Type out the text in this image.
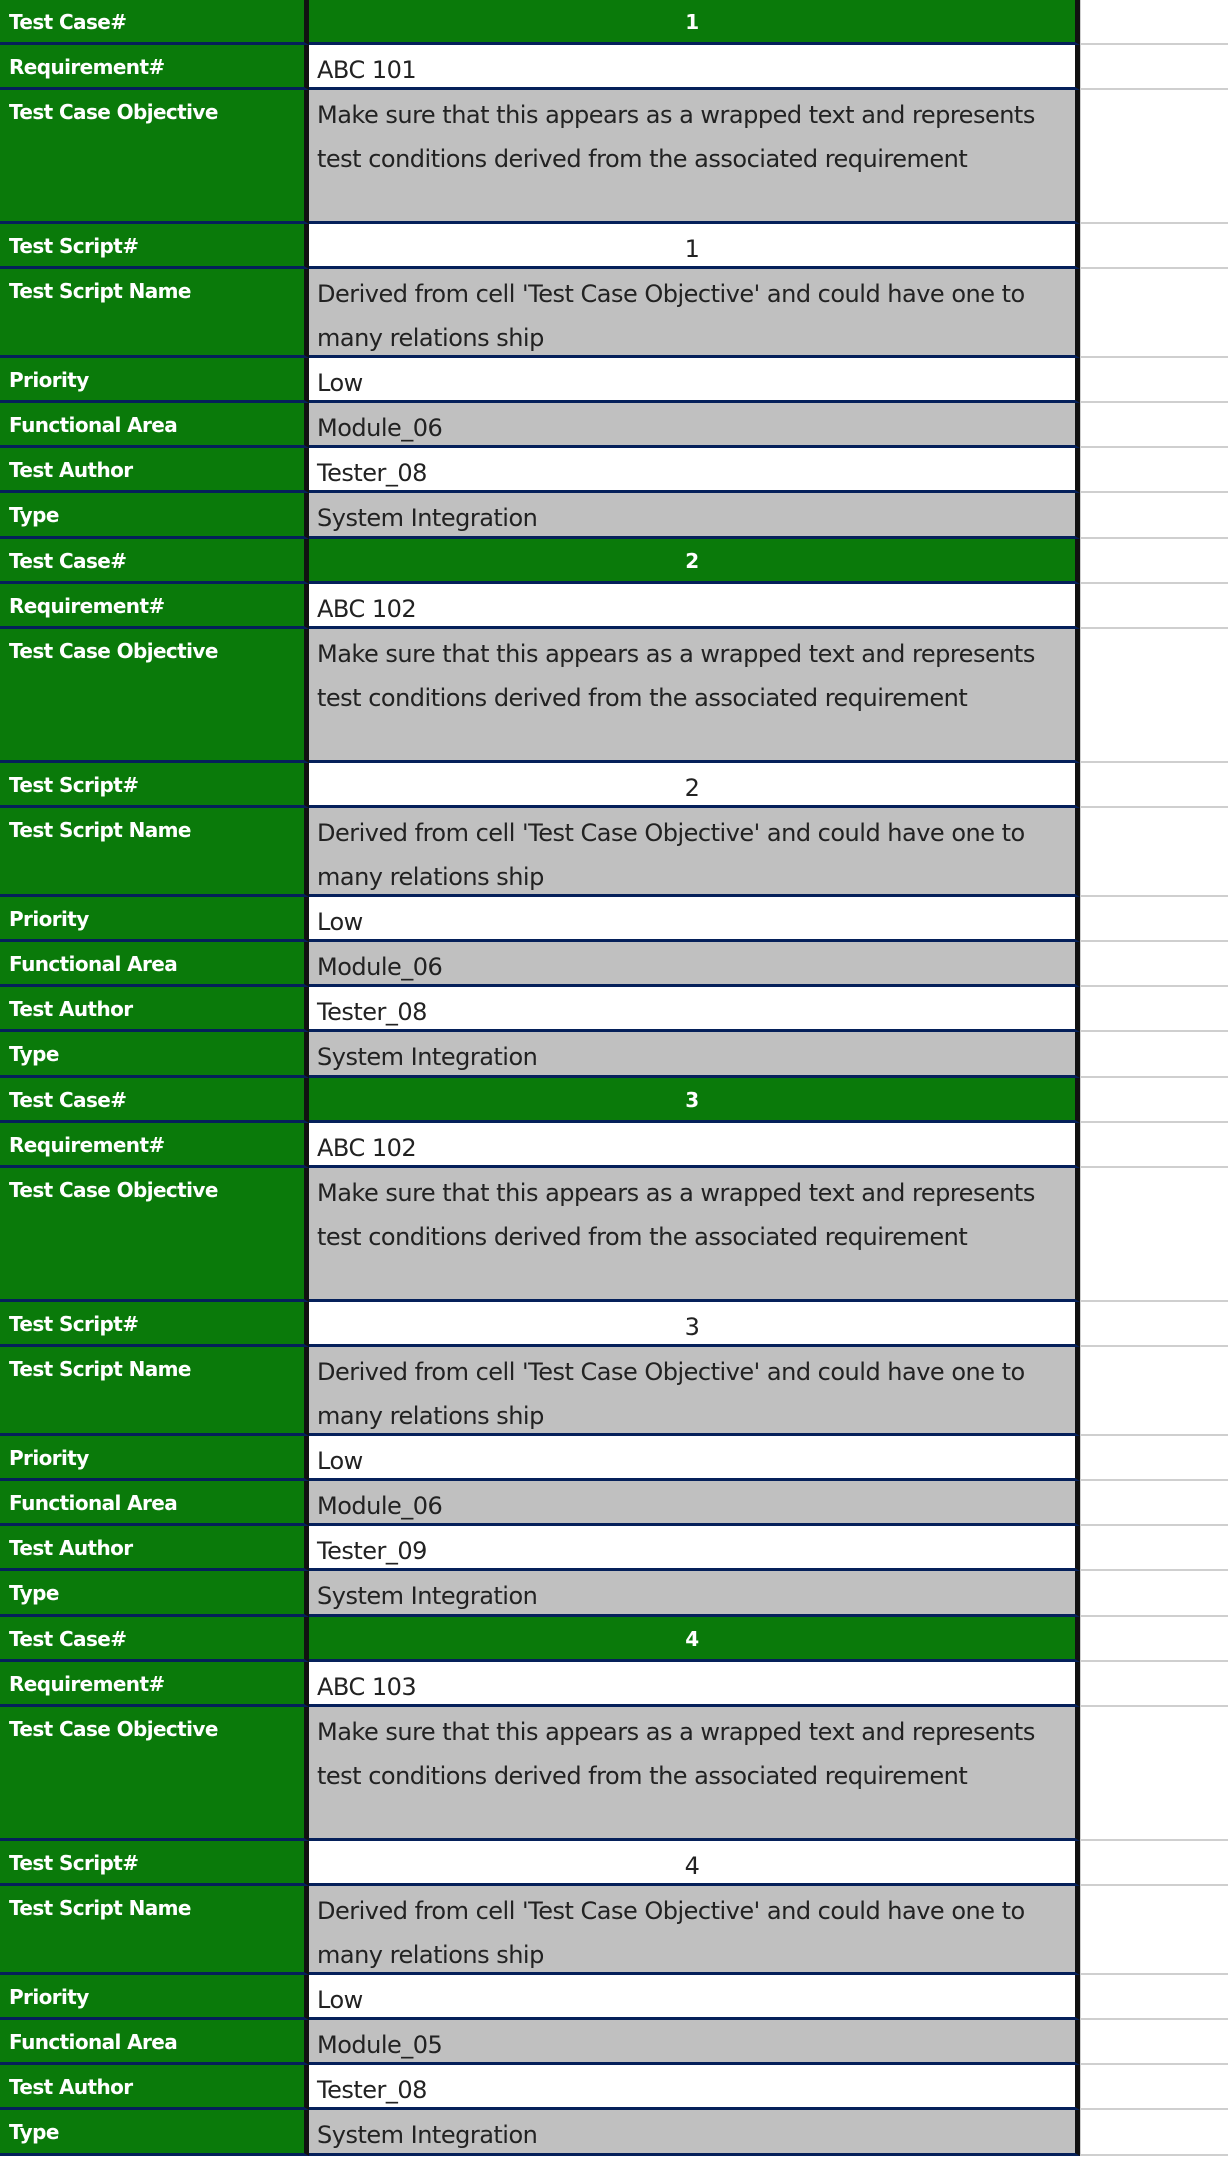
Test Case#	1
Requirement#	ABC 101
Test Case Objective	Make sure that this appears as a wrapped text and represents test conditions derived from the associated requirement
Test Script#	1
Test Script Name	Derived from cell 'Test Case Objective' and could have one to many relations ship
Priority	Low
Functional Area	Module_06
Test Author	Tester_08
Type	System Integration
Test Case#	2
Requirement#	ABC 102
Test Case Objective	Make sure that this appears as a wrapped text and represents test conditions derived from the associated requirement
Test Script#	2
Test Script Name	Derived from cell 'Test Case Objective' and could have one to many relations ship
Priority	Low
Functional Area	Module_06
Test Author	Tester_08
Type	System Integration
Test Case#	3
Requirement#	ABC 102
Test Case Objective	Make sure that this appears as a wrapped text and represents test conditions derived from the associated requirement
Test Script#	3
Test Script Name	Derived from cell 'Test Case Objective' and could have one to many relations ship
Priority	Low
Functional Area	Module_06
Test Author	Tester_09
Type	System Integration
Test Case#	4
Requirement#	ABC 103
Test Case Objective	Make sure that this appears as a wrapped text and represents test conditions derived from the associated requirement
Test Script#	4
Test Script Name	Derived from cell 'Test Case Objective' and could have one to many relations ship
Priority	Low
Functional Area	Module_05
Test Author	Tester_08
Type	System Integration
